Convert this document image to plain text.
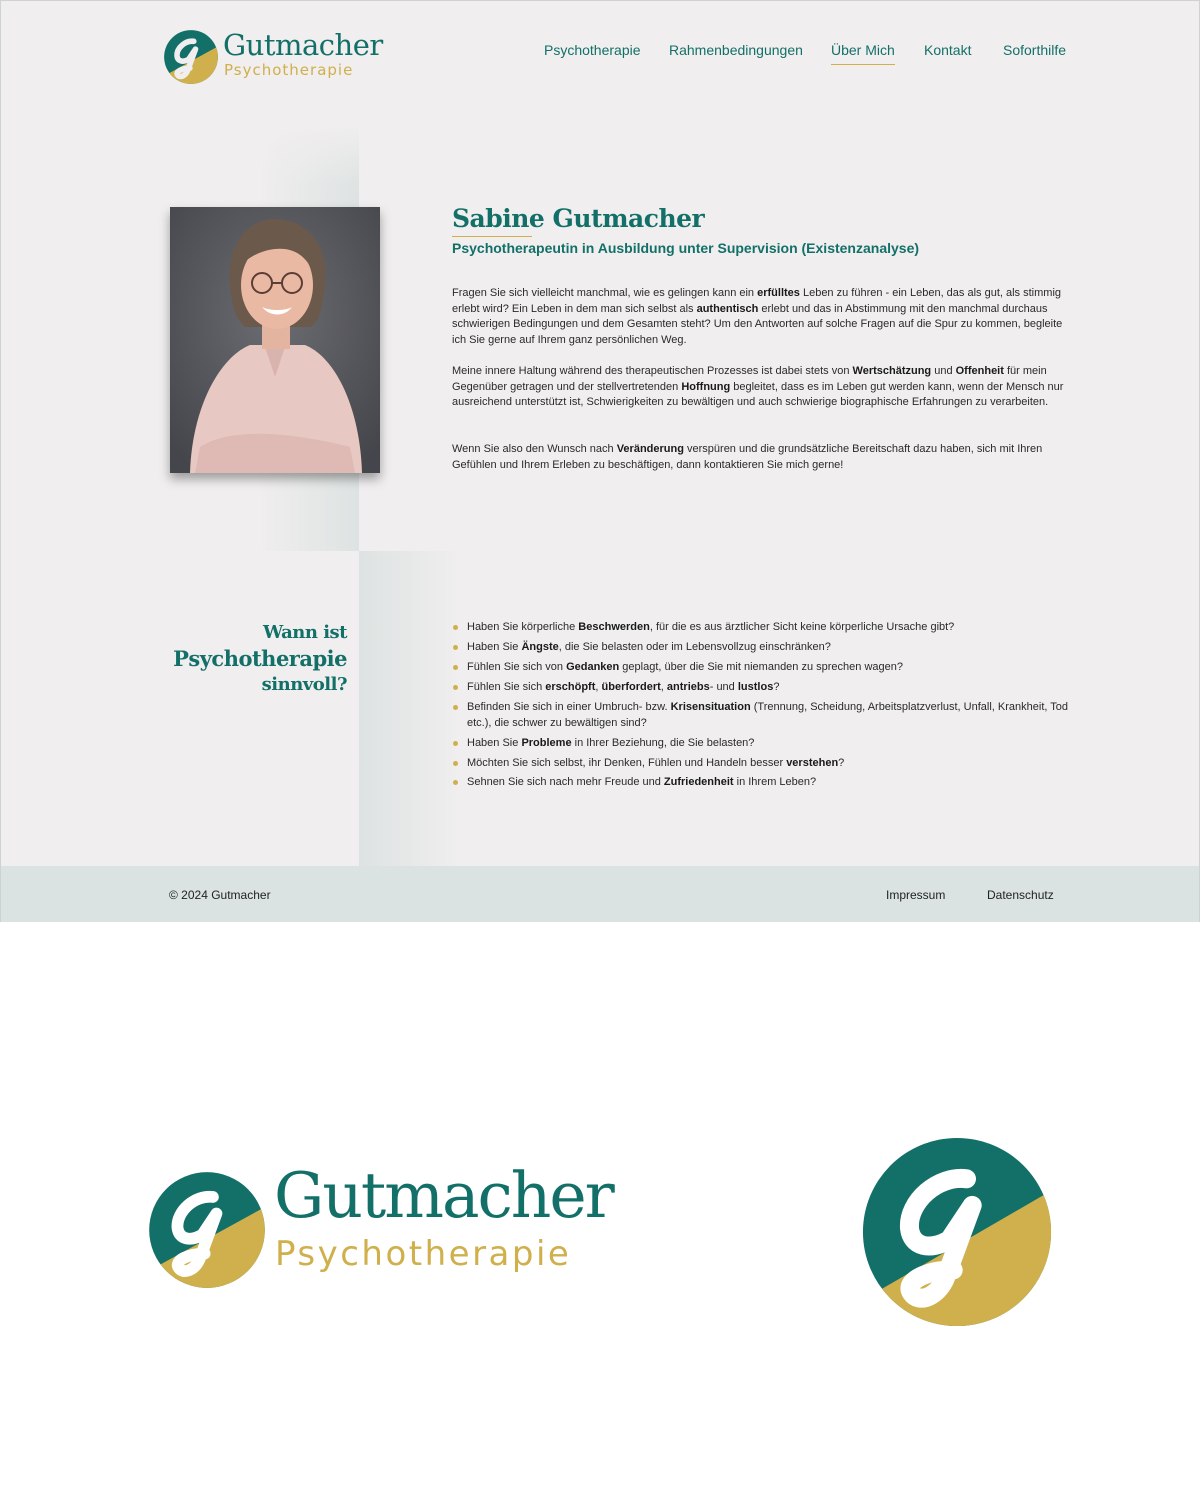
Gutmacher
Psychotherapie
Psychotherapie Rahmenbedingungen Über Mich Kontakt Soforthilfe
Sabine Gutmacher
Psychotherapeutin in Ausbildung unter Supervision (Existenzanalyse)

Fragen Sie sich vielleicht manchmal, wie es gelingen kann ein erfülltes Leben zu führen - ein Leben, das als gut, als stimmig erlebt wird? Ein Leben in dem man sich selbst als authentisch erlebt und das in Abstimmung mit den manchmal durchaus schwierigen Bedingungen und dem Gesamten steht? Um den Antworten auf solche Fragen auf die Spur zu kommen, begleite ich Sie gerne auf Ihrem ganz persönlichen Weg.

Meine innere Haltung während des therapeutischen Prozesses ist dabei stets von Wertschätzung und Offenheit für mein Gegenüber getragen und der stellvertretenden Hoffnung begleitet, dass es im Leben gut werden kann, wenn der Mensch nur ausreichend unterstützt ist, Schwierigkeiten zu bewältigen und auch schwierige biographische Erfahrungen zu verarbeiten.

Wenn Sie also den Wunsch nach Veränderung verspüren und die grundsätzliche Bereitschaft dazu haben, sich mit Ihren Gefühlen und Ihrem Erleben zu beschäftigen, dann kontaktieren Sie mich gerne!

Wann ist
Psychotherapie
sinnvoll?
Haben Sie körperliche Beschwerden, für die es aus ärztlicher Sicht keine körperliche Ursache gibt?
Haben Sie Ängste, die Sie belasten oder im Lebensvollzug einschränken?
Fühlen Sie sich von Gedanken geplagt, über die Sie mit niemanden zu sprechen wagen?
Fühlen Sie sich erschöpft, überfordert, antriebs- und lustlos?
Befinden Sie sich in einer Umbruch- bzw. Krisensituation (Trennung, Scheidung, Arbeitsplatzverlust, Unfall, Krankheit, Tod etc.), die schwer zu bewältigen sind?
Haben Sie Probleme in Ihrer Beziehung, die Sie belasten?
Möchten Sie sich selbst, ihr Denken, Fühlen und Handeln besser verstehen?
Sehnen Sie sich nach mehr Freude und Zufriedenheit in Ihrem Leben?
© 2024 Gutmacher	Impressum	Datenschutz
Gutmacher
Psychotherapie
